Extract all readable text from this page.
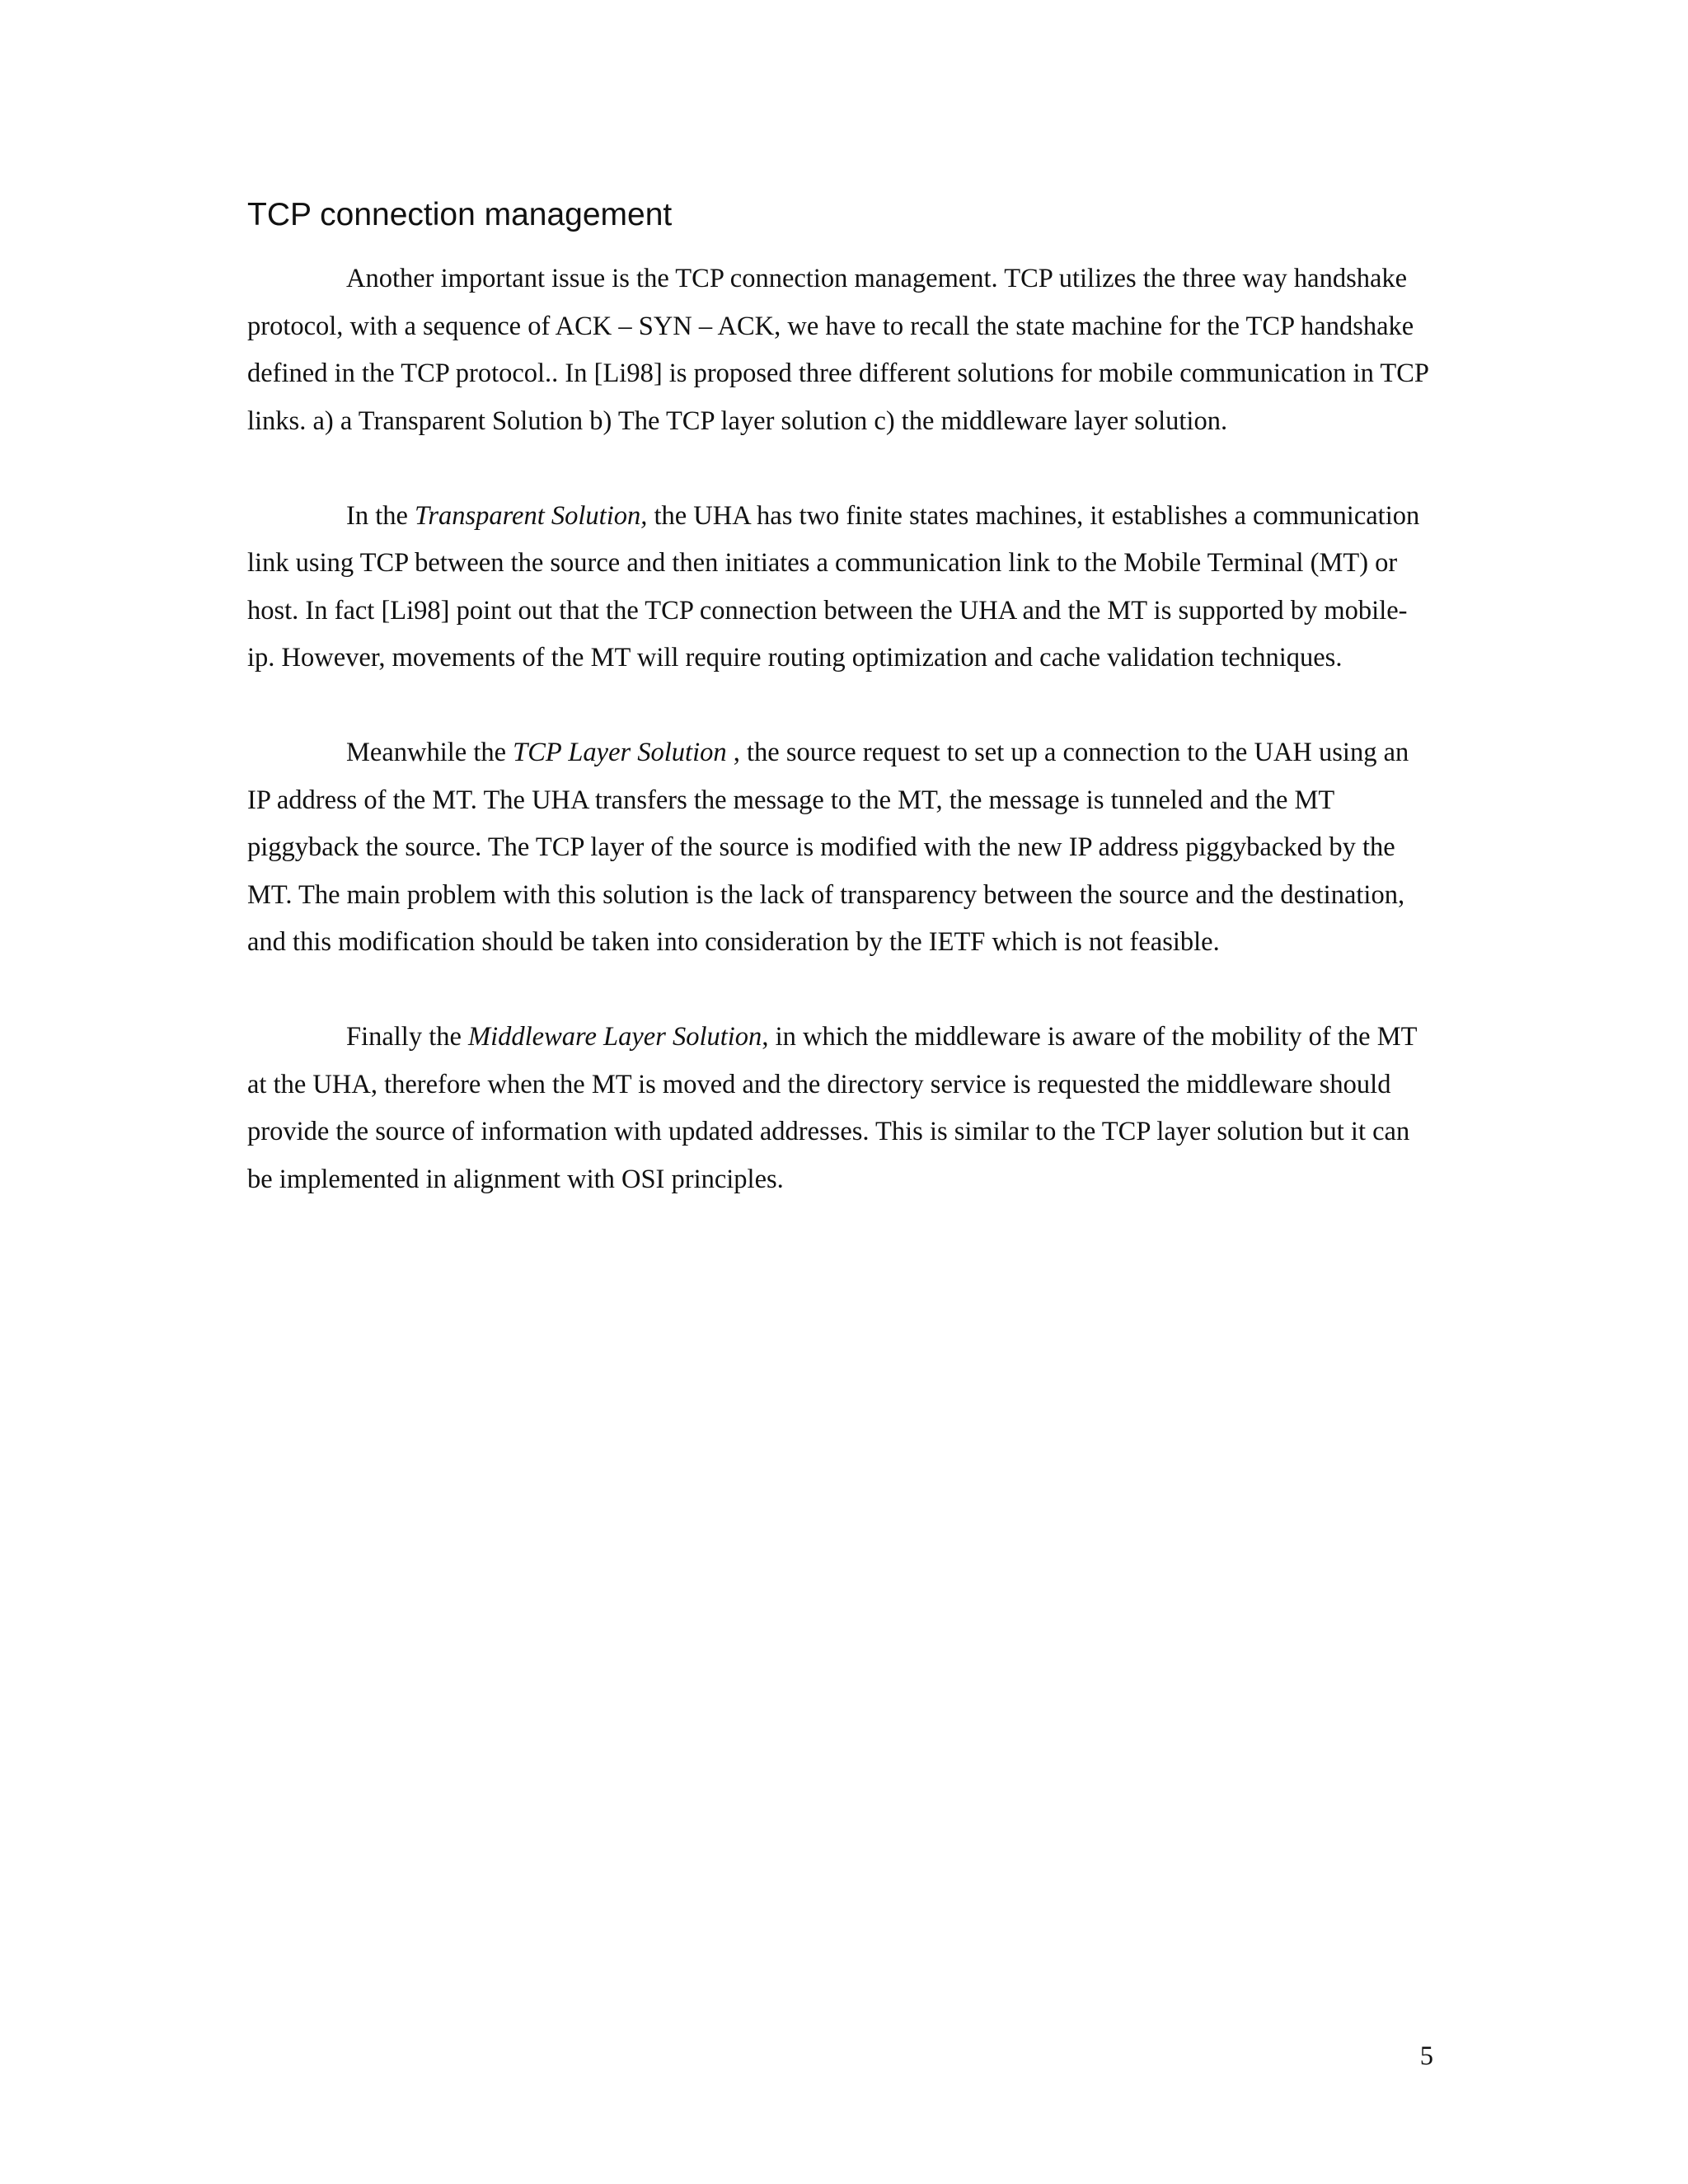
TCP connection management

Another important issue is the TCP connection management. TCP utilizes the three way handshake protocol, with a sequence of ACK – SYN – ACK, we have to recall the state machine for the TCP handshake defined in the TCP protocol.. In [Li98] is proposed three different solutions for mobile communication in TCP links. a) a Transparent Solution b) The TCP layer solution c) the middleware layer solution.

In the Transparent Solution, the UHA has two finite states machines, it establishes a communication link using TCP between the source and then initiates a communication link to the Mobile Terminal (MT) or host. In fact [Li98] point out that the TCP connection between the UHA and the MT is supported by mobile-ip. However, movements of the MT will require routing optimization and cache validation techniques.

Meanwhile the TCP Layer Solution , the source request to set up a connection to the UAH using an IP address of the MT. The UHA transfers the message to the MT, the message is tunneled and the MT piggyback the source. The TCP layer of the source is modified with the new IP address piggybacked by the MT. The main problem with this solution is the lack of transparency between the source and the destination, and this modification should be taken into consideration by the IETF which is not feasible.

Finally the Middleware Layer Solution, in which the middleware is aware of the mobility of the MT at the UHA, therefore when the MT is moved and the directory service is requested the middleware should provide the source of information with updated addresses. This is similar to the TCP layer solution but it can be implemented in alignment with OSI principles.

5
